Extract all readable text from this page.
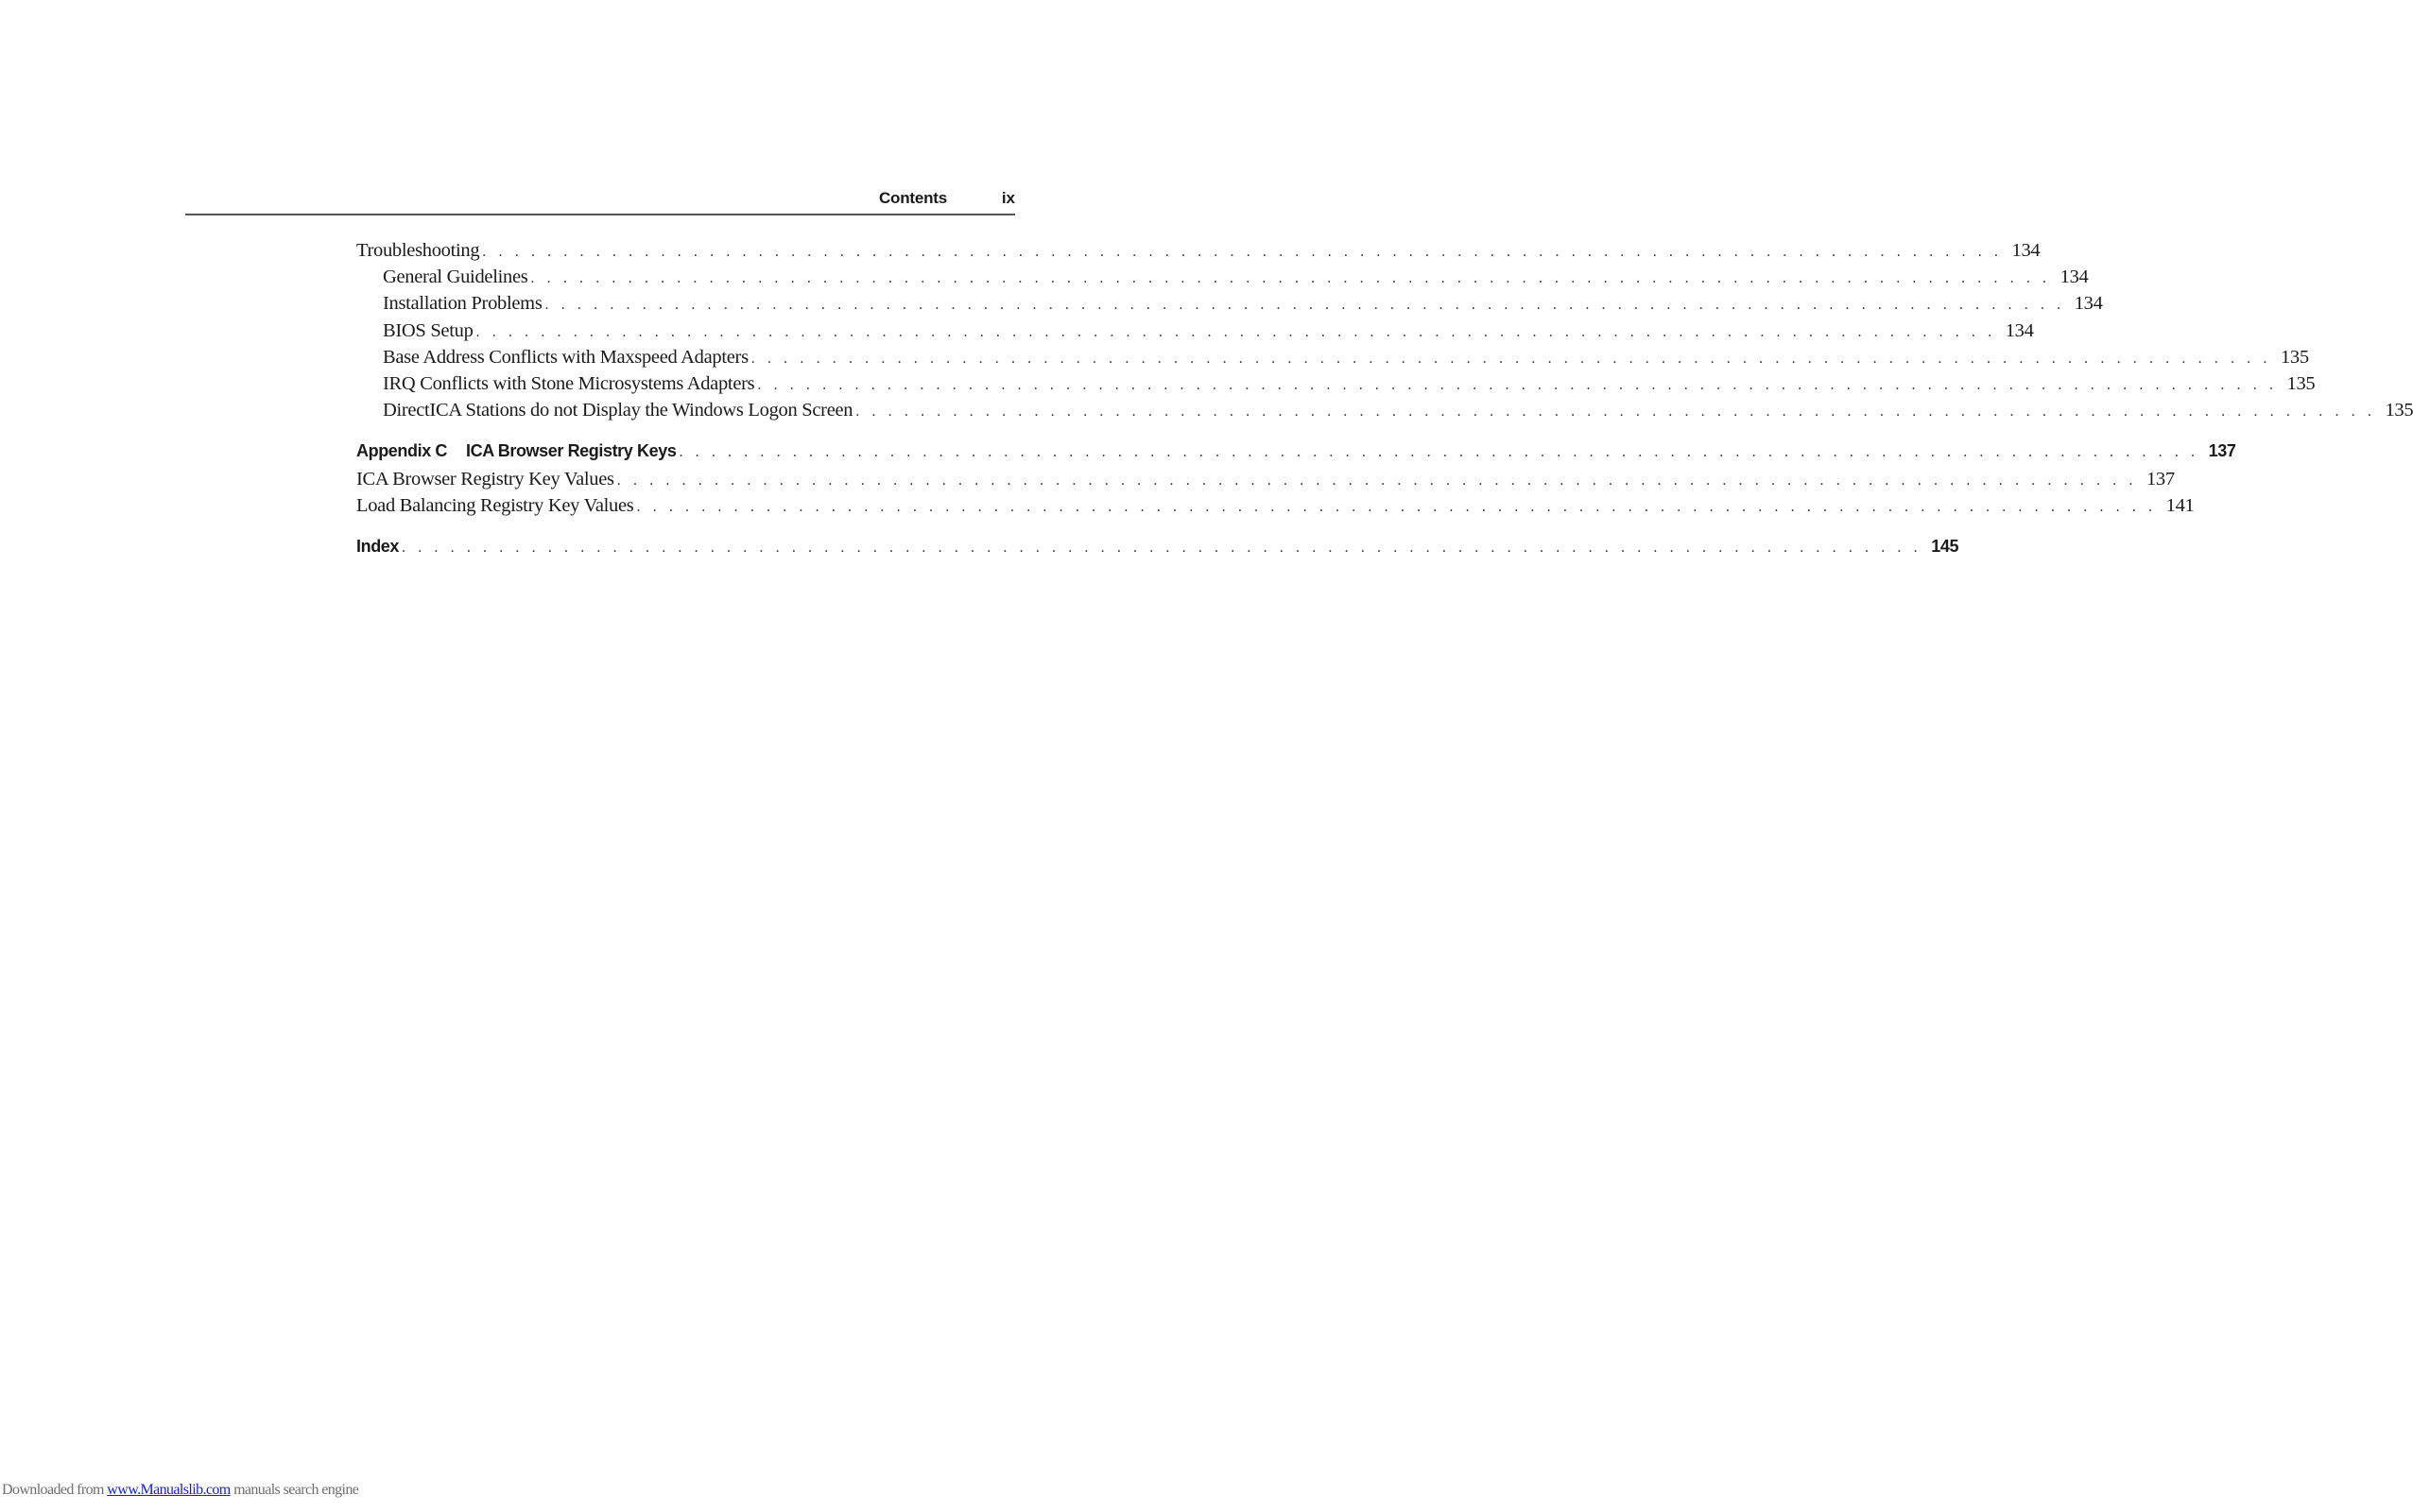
Contents	ix
Troubleshooting . . . . . . . . . . . . . . . . . . . . . . . . . . . . . . . . . . . . . . . . . . . . . . . . . . . . . . . . . . . . . . . . . . . . . . . . . . . . . . . . . . . . . . . . . . . . . . 134
General Guidelines . . . . . . . . . . . . . . . . . . . . . . . . . . . . . . . . . . . . . . . . . . . . . . . . . . . . . . . . . . . . . . . . . . . . . . . . . . . . . . . . . . . . . . . . . . . . . . 134
Installation Problems . . . . . . . . . . . . . . . . . . . . . . . . . . . . . . . . . . . . . . . . . . . . . . . . . . . . . . . . . . . . . . . . . . . . . . . . . . . . . . . . . . . . . . . . . . . . . . 134
BIOS Setup . . . . . . . . . . . . . . . . . . . . . . . . . . . . . . . . . . . . . . . . . . . . . . . . . . . . . . . . . . . . . . . . . . . . . . . . . . . . . . . . . . . . . . . . . . . . . . 134
Base Address Conflicts with Maxspeed Adapters . . . . . . . . . . . . . . . . . . . . . . . . . . . . . . . . . . . . . . . . . . . . . . . . . . . . . . . . . . . . . . . . . . . . . . . . . . . . . . . . . . . . . . . . . . . . . . 135
IRQ Conflicts with Stone Microsystems Adapters . . . . . . . . . . . . . . . . . . . . . . . . . . . . . . . . . . . . . . . . . . . . . . . . . . . . . . . . . . . . . . . . . . . . . . . . . . . . . . . . . . . . . . . . . . . . . . 135
DirectICA Stations do not Display the Windows Logon Screen . . . . . . . . . . . . . . . . . . . . . . . . . . . . . . . . . . . . . . . . . . . . . . . . . . . . . . . . . . . . . . . . . . . . . . . . . . . . . . . . . . . . . . . . . . . . . . 135
Appendix C ICA Browser Registry Keys . . . . . . . . . . . . . . . . . . . . . . . . . . . . . . . . . . . . . . . . . . . . . . . . . . . . . . . . . . . . . . . . . . . . . . . . . . . . . . . . . . . . . . . . . . . . . . 137
ICA Browser Registry Key Values . . . . . . . . . . . . . . . . . . . . . . . . . . . . . . . . . . . . . . . . . . . . . . . . . . . . . . . . . . . . . . . . . . . . . . . . . . . . . . . . . . . . . . . . . . . . . . 137
Load Balancing Registry Key Values . . . . . . . . . . . . . . . . . . . . . . . . . . . . . . . . . . . . . . . . . . . . . . . . . . . . . . . . . . . . . . . . . . . . . . . . . . . . . . . . . . . . . . . . . . . . . . 141
Index . . . . . . . . . . . . . . . . . . . . . . . . . . . . . . . . . . . . . . . . . . . . . . . . . . . . . . . . . . . . . . . . . . . . . . . . . . . . . . . . . . . . . . . . . . . . . . 145
Downloaded from www.Manualslib.com manuals search engine
